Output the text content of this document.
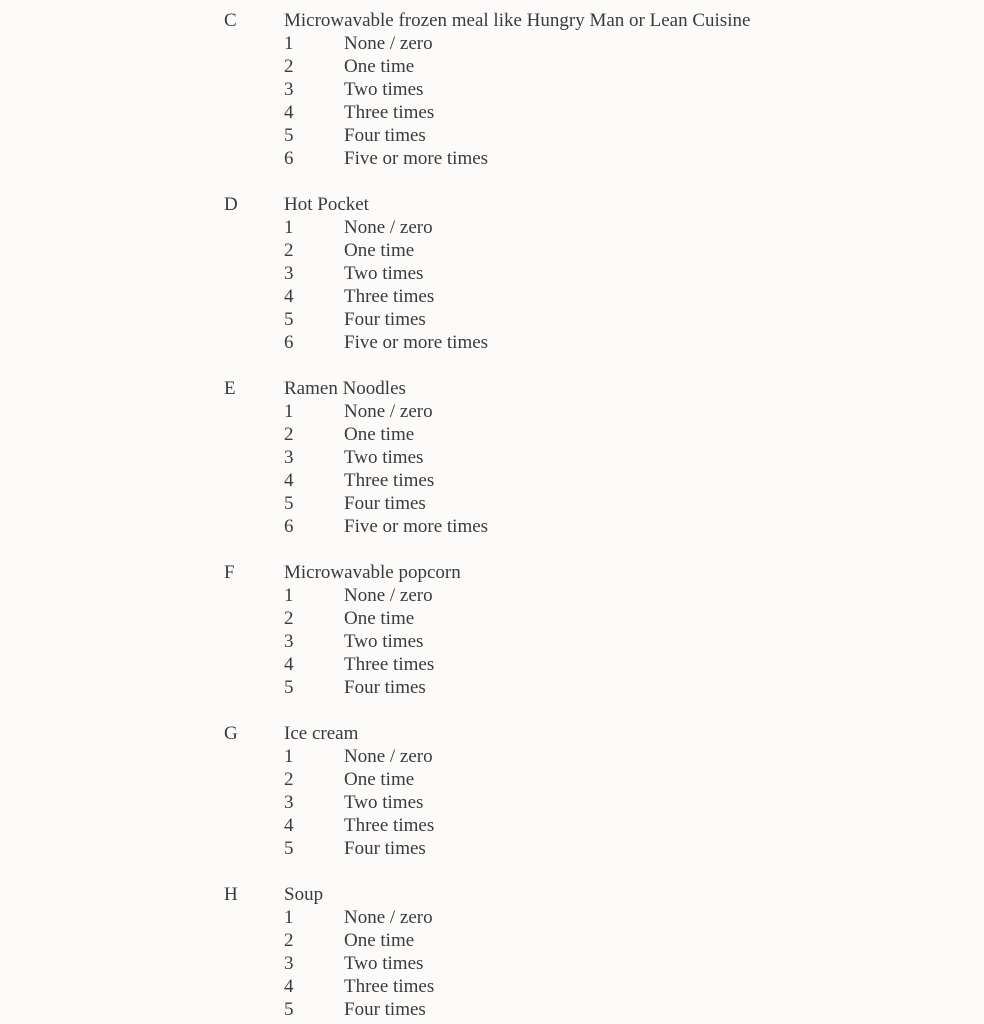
C Microwavable frozen meal like Hungry Man or Lean Cuisine
1	None / zero
2	One time
3	Two times
4	Three times
5	Four times
6	Five or more times
D Hot Pocket
1	None / zero
2	One time
3	Two times
4	Three times
5	Four times
6	Five or more times
E	Ramen Noodles
1	None / zero
2	One time
3	Two times
4	Three times
5	Four times
6	Five or more times
F	Microwavable popcorn
1	None / zero
2	One time
3	Two times
4	Three times
5	Four times
G Ice cream
1	None / zero
2	One time
3	Two times
4	Three times
5	Four times
H Soup
1	None / zero
2	One time
3	Two times
4	Three times
5	Four times
